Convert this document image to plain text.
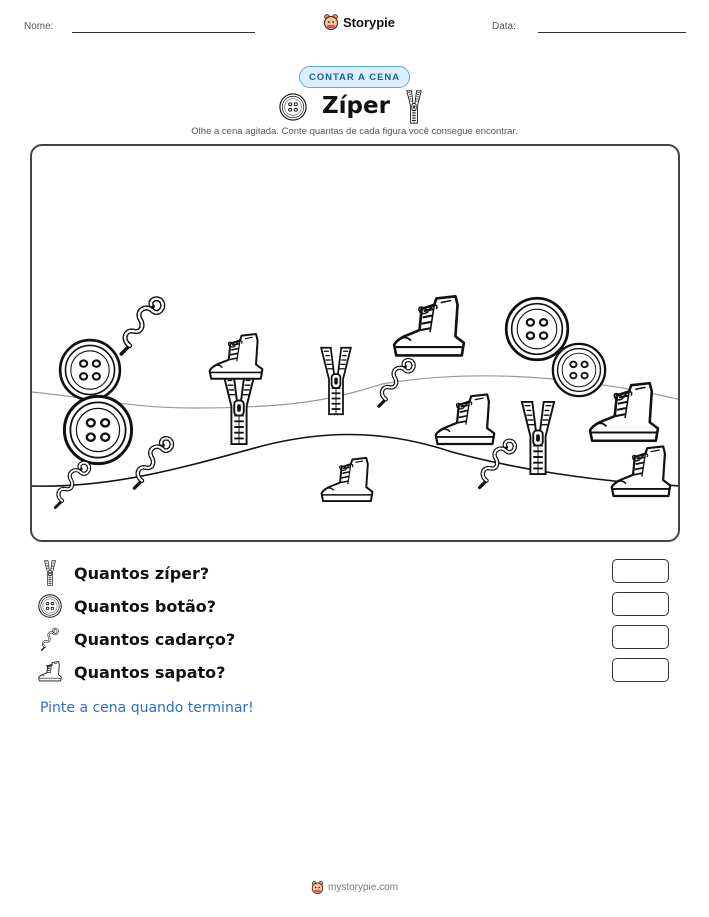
Nome:	Storypie	Data:
CONTAR A CENA
Zíper
Olhe a cena agitada. Conte quantas de cada figura você consegue encontrar.
Quantos zíper?
Quantos botão?
Quantos cadarço?
Quantos sapato?
Pinte a cena quando terminar!
mystorypie.com
